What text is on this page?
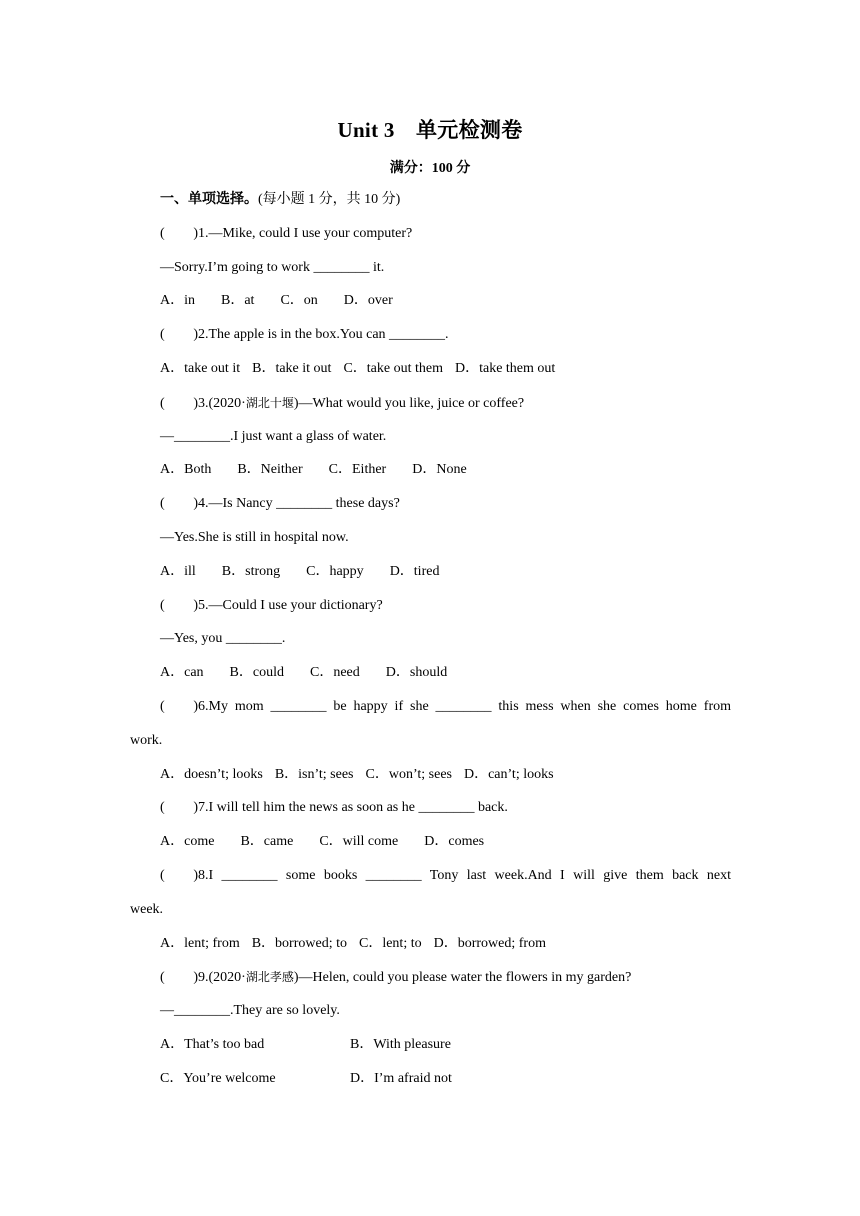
Unit 3　单元检测卷
满分：100 分
一、单项选择。(每小题 1 分，共 10 分)
( ) 1.—Mike, could I use your computer?
—Sorry.I’m going to work ________ it.
A．in B．at C．on D．over
( ) 2.The apple is in the box.You can ________.
A．take out it B．take it out C．take out them D．take them out
( ) 3.(2020·湖北十堰)—What would you like, juice or coffee?
—________.I just want a glass of water.
A．Both B．Neither C．Either D．None
( ) 4.—Is Nancy ________ these days?
—Yes.She is still in hospital now.
A．ill B．strong C．happy D．tired
( ) 5.—Could I use your dictionary?
—Yes, you ________.
A．can B．could C．need D．should
( ) 6.My mom ________ be happy if she ________ this mess when she comes home from
work.
A．doesn’t; looks B．isn’t; sees C．won’t; sees D．can’t; looks
( ) 7.I will tell him the news as soon as he ________ back.
A．come B．came C．will come D．comes
( ) 8.I ________ some books ________ Tony last week.And I will give them back next
week.
A．lent; from B．borrowed; to C．lent; to D．borrowed; from
( ) 9.(2020·湖北孝感)—Helen, could you please water the flowers in my garden?
—________.They are so lovely.
A．That’s too bad	B．With pleasure
C．You’re welcome	D．I’m afraid not
